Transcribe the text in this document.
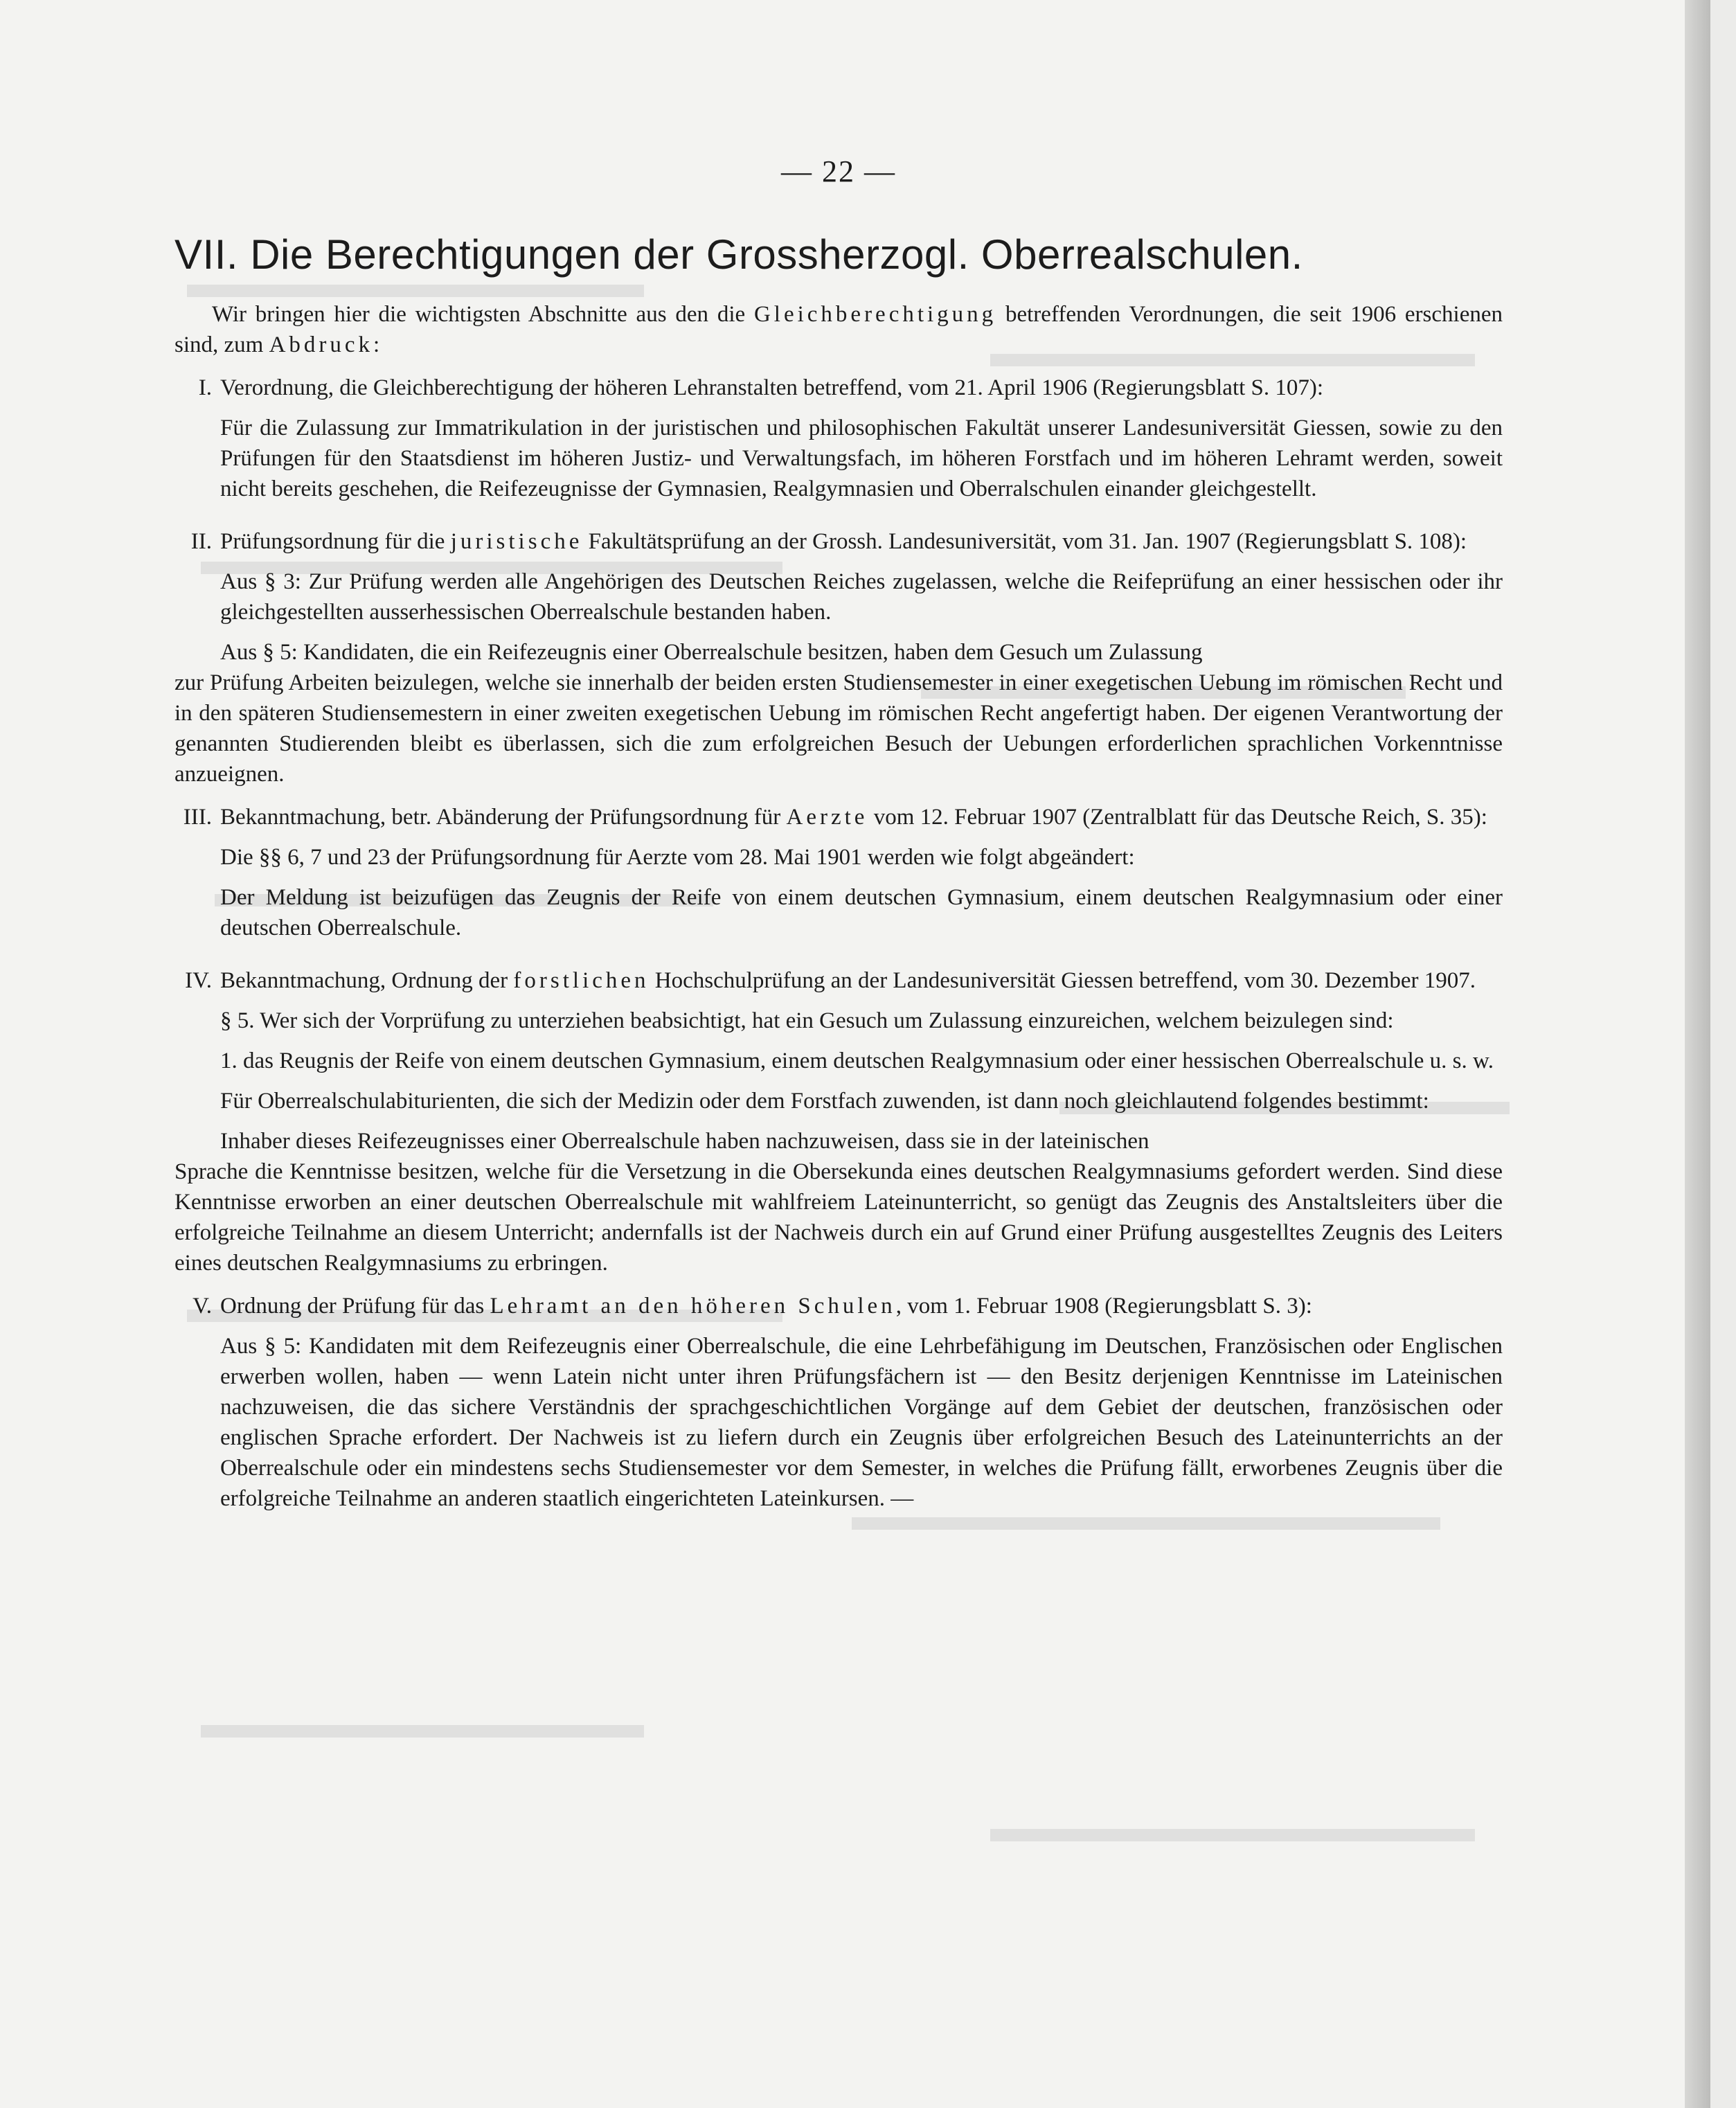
— 22 —
VII. Die Berechtigungen der Grossherzogl. Oberrealschulen.

Wir bringen hier die wichtigsten Abschnitte aus den die Gleichberechtigung betreffenden Verordnungen, die seit 1906 erschienen sind, zum Abdruck:

I. Verordnung, die Gleichberechtigung der höheren Lehranstalten betreffend, vom 21. April 1906 (Regierungsblatt S. 107):

Für die Zulassung zur Immatrikulation in der juristischen und philosophischen Fakultät unserer Landesuniversität Giessen, sowie zu den Prüfungen für den Staatsdienst im höheren Justiz- und Verwaltungsfach, im höheren Forstfach und im höheren Lehramt werden, soweit nicht bereits geschehen, die Reifezeugnisse der Gymnasien, Realgymnasien und Oberralschulen einander gleichgestellt.

II. Prüfungsordnung für die juristische Fakultätsprüfung an der Grossh. Landesuniversität, vom 31. Jan. 1907 (Regierungsblatt S. 108):

Aus § 3: Zur Prüfung werden alle Angehörigen des Deutschen Reiches zugelassen, welche die Reifeprüfung an einer hessischen oder ihr gleichgestellten ausserhessischen Oberrealschule bestanden haben.

Aus § 5: Kandidaten, die ein Reifezeugnis einer Oberrealschule besitzen, haben dem Gesuch um Zulassung

zur Prüfung Arbeiten beizulegen, welche sie innerhalb der beiden ersten Studiensemester in einer exegetischen Uebung im römischen Recht und in den späteren Studiensemestern in einer zweiten exegetischen Uebung im römischen Recht angefertigt haben. Der eigenen Verantwortung der genannten Studierenden bleibt es überlassen, sich die zum erfolgreichen Besuch der Uebungen erforderlichen sprachlichen Vorkenntnisse anzueignen.

III. Bekanntmachung, betr. Abänderung der Prüfungsordnung für Aerzte vom 12. Februar 1907 (Zentralblatt für das Deutsche Reich, S. 35):

Die §§ 6, 7 und 23 der Prüfungsordnung für Aerzte vom 28. Mai 1901 werden wie folgt abgeändert:

Der Meldung ist beizufügen das Zeugnis der Reife von einem deutschen Gymnasium, einem deutschen Realgymnasium oder einer deutschen Oberrealschule.

IV. Bekanntmachung, Ordnung der forstlichen Hochschulprüfung an der Landesuniversität Giessen betreffend, vom 30. Dezember 1907.

§ 5. Wer sich der Vorprüfung zu unterziehen beabsichtigt, hat ein Gesuch um Zulassung einzureichen, welchem beizulegen sind:

1. das Reugnis der Reife von einem deutschen Gymnasium, einem deutschen Realgymnasium oder einer hessischen Oberrealschule u. s. w.

Für Oberrealschulabiturienten, die sich der Medizin oder dem Forstfach zuwenden, ist dann noch gleichlautend folgendes bestimmt:

Inhaber dieses Reifezeugnisses einer Oberrealschule haben nachzuweisen, dass sie in der lateinischen

Sprache die Kenntnisse besitzen, welche für die Versetzung in die Obersekunda eines deutschen Realgymnasiums gefordert werden. Sind diese Kenntnisse erworben an einer deutschen Oberrealschule mit wahlfreiem Lateinunterricht, so genügt das Zeugnis des Anstaltsleiters über die erfolgreiche Teilnahme an diesem Unterricht; andernfalls ist der Nachweis durch ein auf Grund einer Prüfung ausgestelltes Zeugnis des Leiters eines deutschen Realgymnasiums zu erbringen.

V. Ordnung der Prüfung für das Lehramt an den höheren Schulen, vom 1. Februar 1908 (Regierungsblatt S. 3):

Aus § 5: Kandidaten mit dem Reifezeugnis einer Oberrealschule, die eine Lehrbefähigung im Deutschen, Französischen oder Englischen erwerben wollen, haben — wenn Latein nicht unter ihren Prüfungsfächern ist — den Besitz derjenigen Kenntnisse im Lateinischen nachzuweisen, die das sichere Verständnis der sprachgeschichtlichen Vorgänge auf dem Gebiet der deutschen, französischen oder englischen Sprache erfordert. Der Nachweis ist zu liefern durch ein Zeugnis über erfolgreichen Besuch des Lateinunterrichts an der Oberrealschule oder ein mindestens sechs Studiensemester vor dem Semester, in welches die Prüfung fällt, erworbenes Zeugnis über die erfolgreiche Teilnahme an anderen staatlich eingerichteten Lateinkursen. —
